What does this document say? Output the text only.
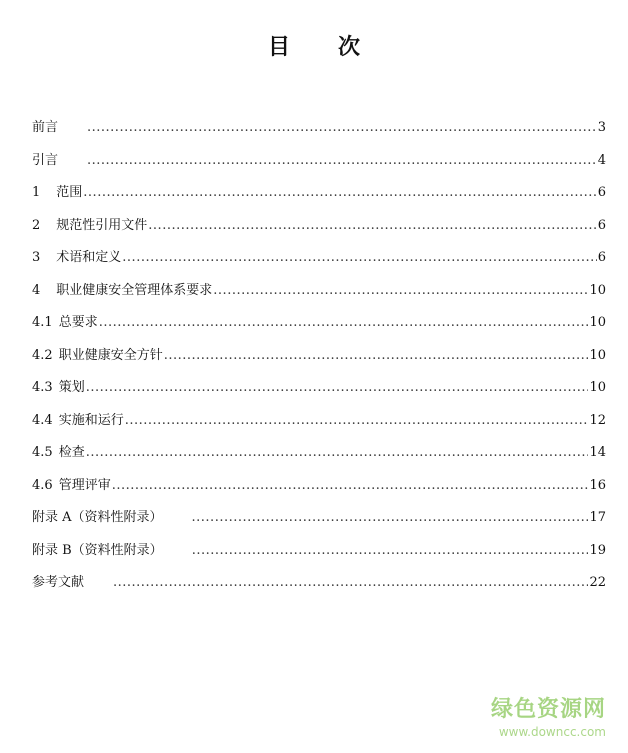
目 次
前言 .....	3
引言 .....	4
1 范围 .....	6
2 规范性引用文件 .....	6
3 术语和定义 .....	6
4 职业健康安全管理体系要求 .....	10
4.1 总要求 .....	10
4.2 职业健康安全方针 .....	10
4.3 策划 .....	10
4.4 实施和运行 .....	12
4.5 检查 .....	14
4.6 管理评审 .....	16
附录 A（资料性附录） .....	17
附录 B（资料性附录） .....	19
参考文献 .....	22
绿色资源网
www.downcc.com
